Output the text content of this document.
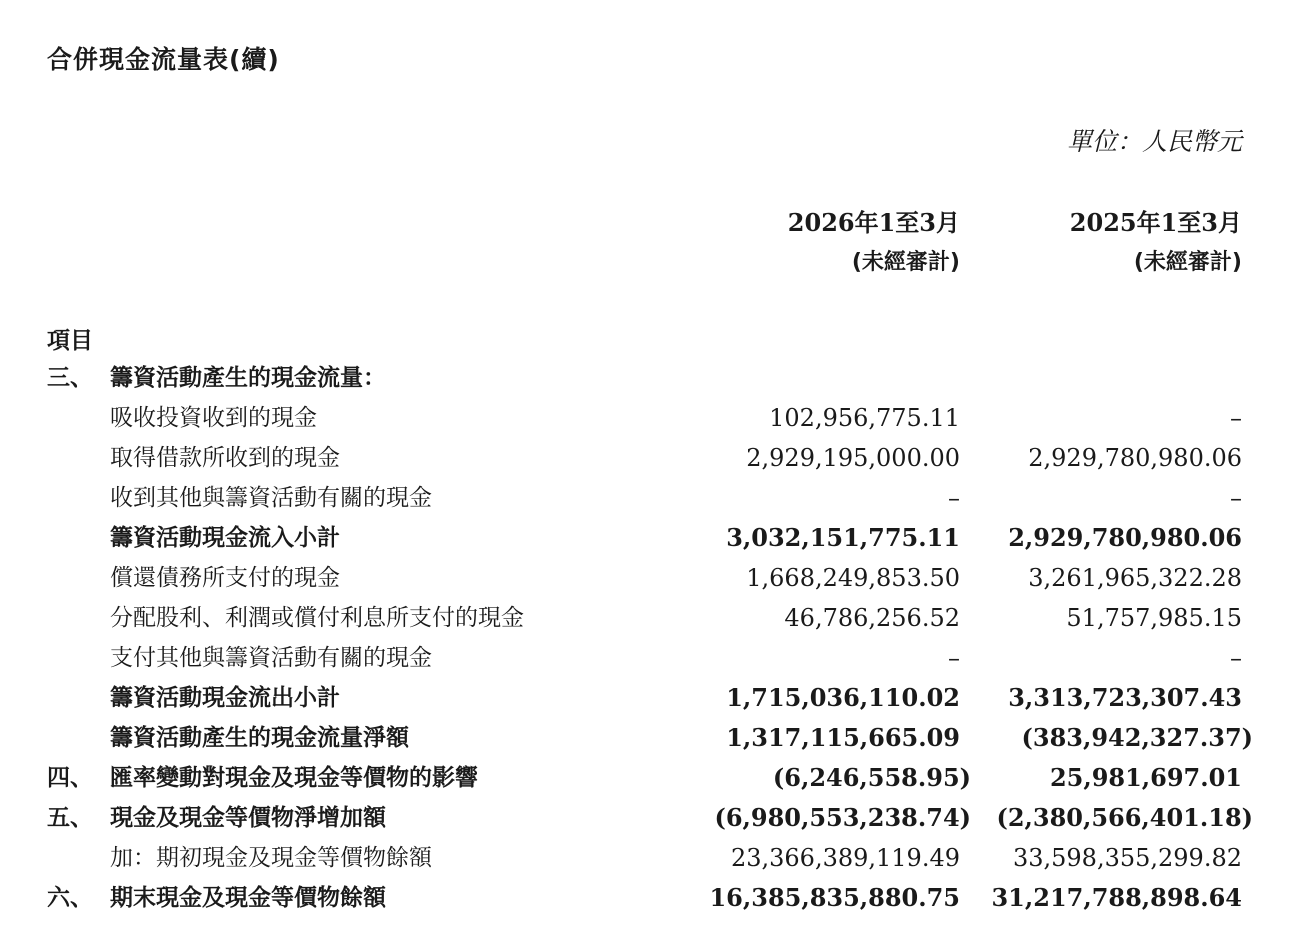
合併現金流量表(續)
單位：人民幣元
2026年1至3月
(未經審計)
2025年1至3月
(未經審計)
項目
三、 籌資活動產生的現金流量：
吸收投資收到的現金	102,956,775.11	–
取得借款所收到的現金	2,929,195,000.00	2,929,780,980.06
收到其他與籌資活動有關的現金	–	–
籌資活動現金流入小計	3,032,151,775.11 2,929,780,980.06
償還債務所支付的現金	1,668,249,853.50	3,261,965,322.28
分配股利、利潤或償付利息所支付的現金	46,786,256.52	51,757,985.15
支付其他與籌資活動有關的現金	–	–
籌資活動現金流出小計	1,715,036,110.02 3,313,723,307.43
籌資活動產生的現金流量淨額	1,317,115,665.09	(383,942,327.37)
四、 匯率變動對現金及現金等價物的影響	(6,246,558.95)	25,981,697.01
五、 現金及現金等價物淨增加額	(6,980,553,238.74) (2,380,566,401.18)
加：期初現金及現金等價物餘額	23,366,389,119.49 33,598,355,299.82
六、 期末現金及現金等價物餘額	16,385,835,880.75 31,217,788,898.64
